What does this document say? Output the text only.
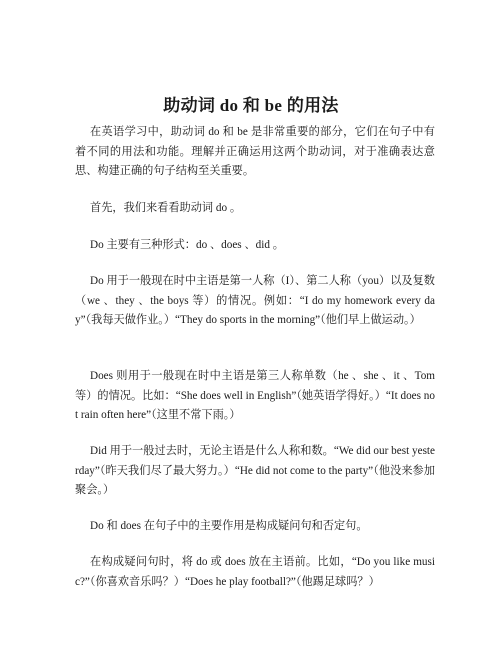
助动词 do 和 be 的用法

在英语学习中，助动词 do 和 be 是非常重要的部分，它们在句子中有着不同的用法和功能。理解并正确运用这两个助动词，对于准确表达意思、构建正确的句子结构至关重要。

首先，我们来看看助动词 do 。

Do 主要有三种形式：do 、does 、did 。

Do 用于一般现在时中主语是第一人称（I）、第二人称（you）以及复数（we 、they 、the boys 等）的情况。例如：“I do my homework every day”（我每天做作业。）“They do sports in the morning”（他们早上做运动。）

Does 则用于一般现在时中主语是第三人称单数（he 、she 、it 、Tom 等）的情况。比如：“She does well in English”（她英语学得好。）“It does not rain often here”（这里不常下雨。）

Did 用于一般过去时，无论主语是什么人称和数。“We did our best yesterday”（昨天我们尽了最大努力。）“He did not come to the party”（他没来参加聚会。）

Do 和 does 在句子中的主要作用是构成疑问句和否定句。

在构成疑问句时，将 do 或 does 放在主语前。比如，“Do you like music?”（你喜欢音乐吗？）“Does he play football?”（他踢足球吗？）
